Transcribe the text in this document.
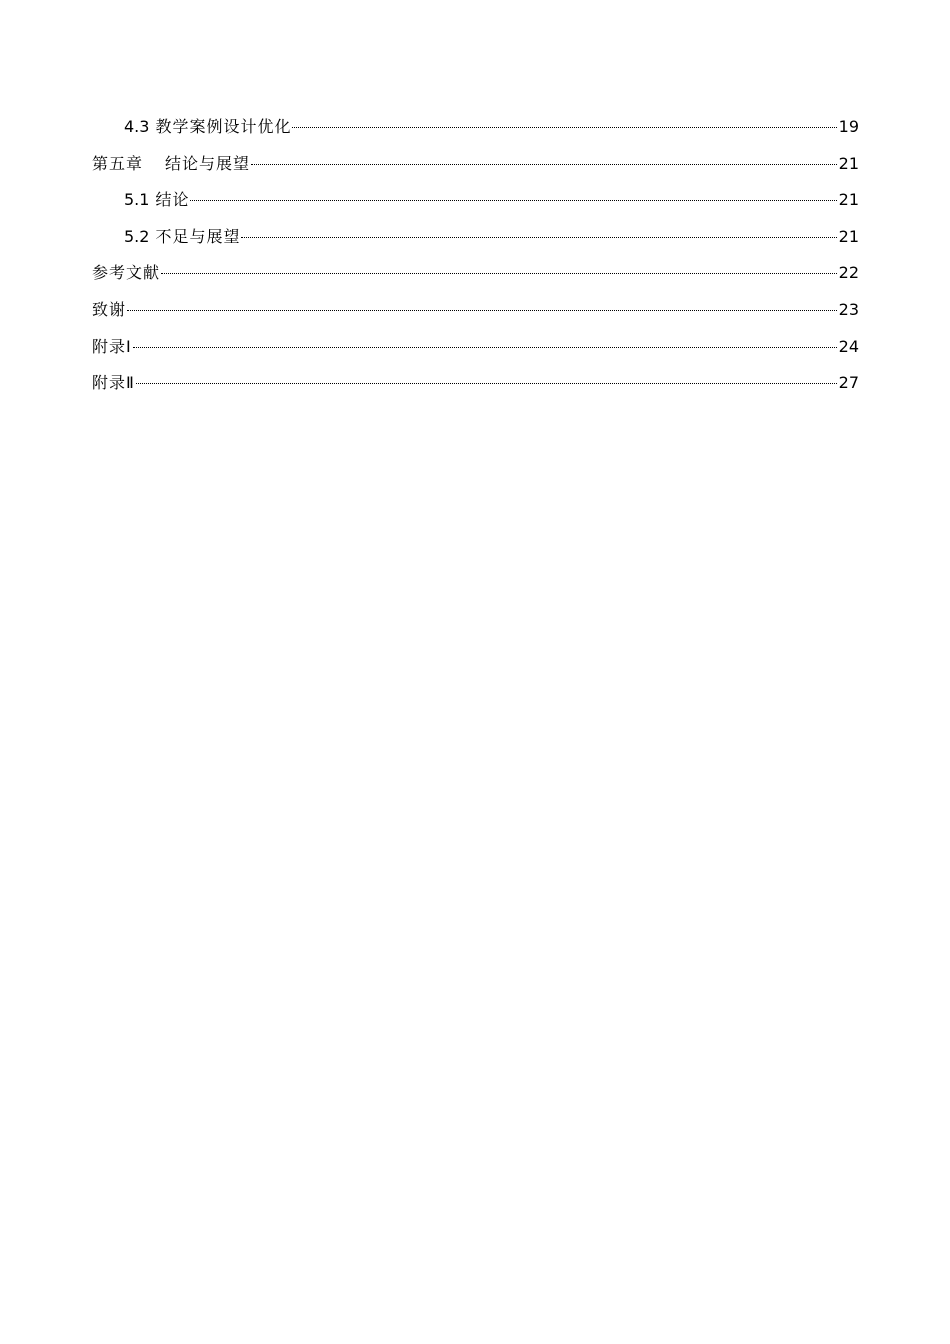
4.3 教学案例设计优化	19
第五章 结论与展望	21
5.1 结论	21
5.2 不足与展望	21
参考文献	22
致谢	23
附录Ⅰ	24
附录Ⅱ	27
